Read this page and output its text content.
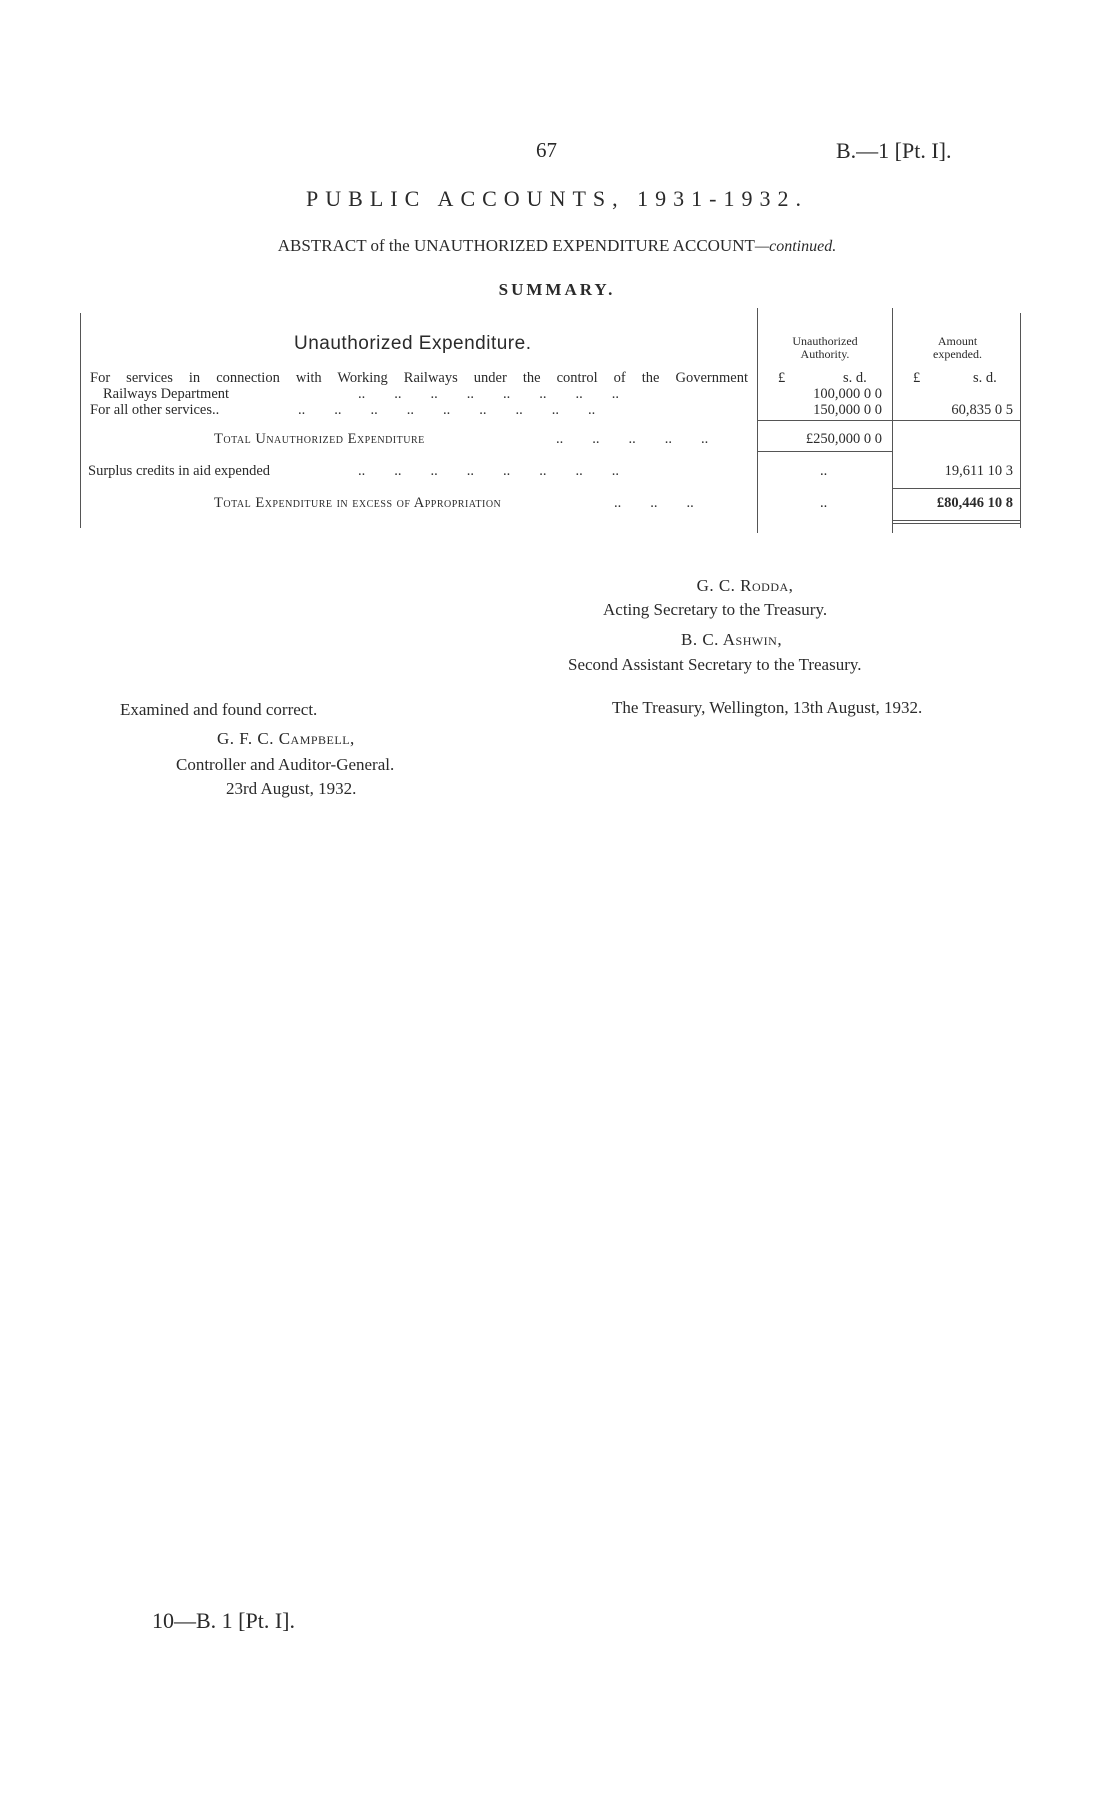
67	B.—1 [Pt. I].
PUBLIC ACCOUNTS, 1931-1932.
ABSTRACT of the UNAUTHORIZED EXPENDITURE ACCOUNT—continued.
SUMMARY.
Unauthorized Expenditure.	Unauthorized Authority.
Amount expended.
£	s. d.	£	s. d.
For services in connection with Working Railways under the control of the Government
Railways Department	..        ..        ..        ..        ..        ..        ..        ..	100,000 0 0
For all other services..	..        ..        ..        ..        ..        ..        ..        ..        ..	150,000 0 0	60,835 0 5
Total Unauthorized Expenditure	..        ..        ..        ..        ..	£250,000 0 0
Surplus credits in aid expended	..        ..        ..        ..        ..        ..        ..        ..	..	19,611 10 3
Total Expenditure in excess of Appropriation	..        ..        ..	..	£80,446 10 8
G. C. Rodda,
Acting Secretary to the Treasury.
B. C. Ashwin,
Second Assistant Secretary to the Treasury.
The Treasury, Wellington, 13th August, 1932.
Examined and found correct.
G. F. C. Campbell,
Controller and Auditor-General.
23rd August, 1932.
10—B. 1 [Pt. I].
